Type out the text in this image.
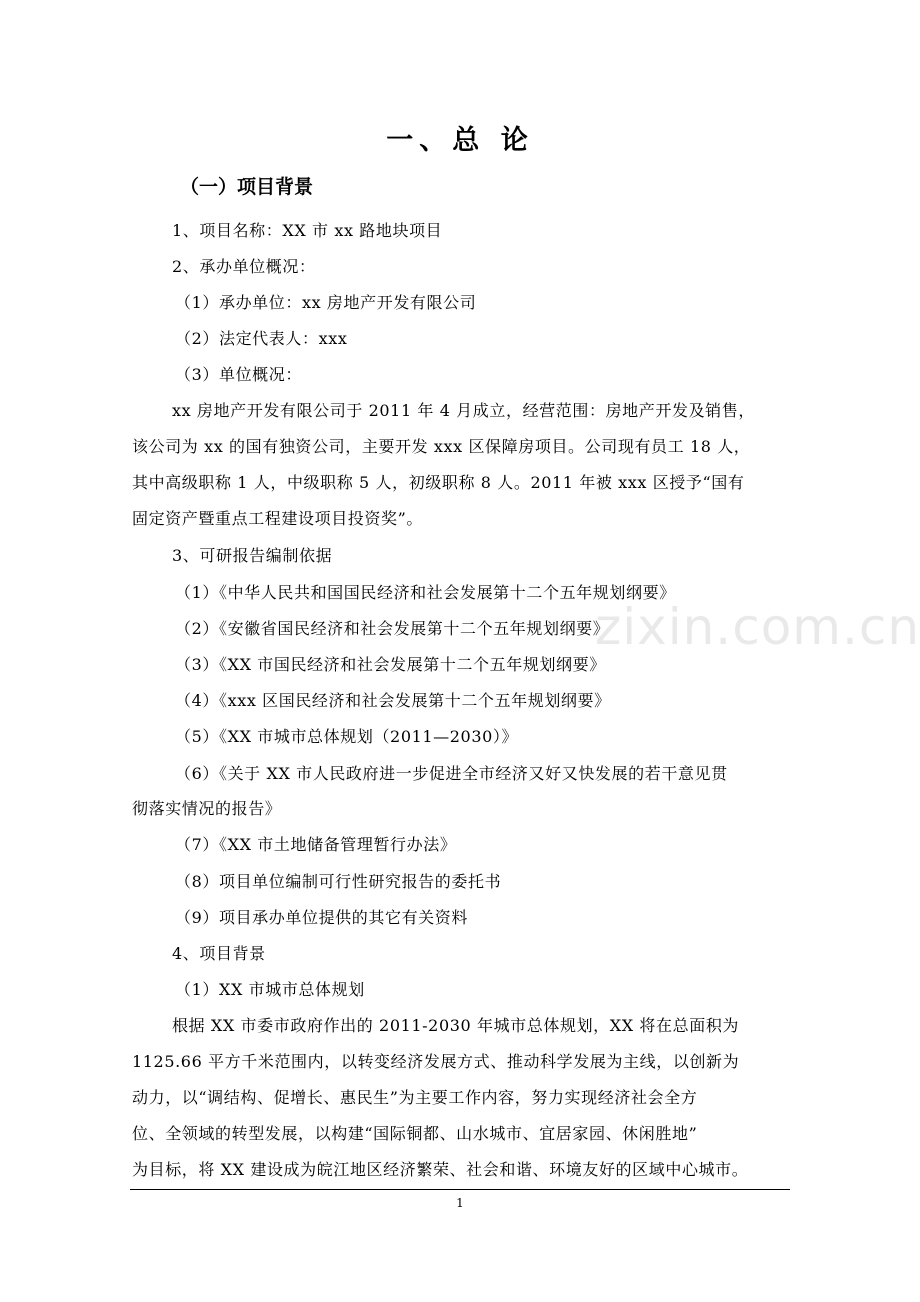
一、总 论
（一）项目背景
1、项目名称：XX 市 xx 路地块项目
2、承办单位概况：
（1）承办单位：xx 房地产开发有限公司
（2）法定代表人：xxx
（3）单位概况：
xx 房地产开发有限公司于 2011 年 4 月成立，经营范围：房地产开发及销售，
该公司为 xx 的国有独资公司，主要开发 xxx 区保障房项目。公司现有员工 18 人，
其中高级职称 1 人，中级职称 5 人，初级职称 8 人。2011 年被 xxx 区授予“国有
固定资产暨重点工程建设项目投资奖”。
3、可研报告编制依据
（1）《中华人民共和国国民经济和社会发展第十二个五年规划纲要》
（2）《安徽省国民经济和社会发展第十二个五年规划纲要》
（3）《XX 市国民经济和社会发展第十二个五年规划纲要》
（4）《xxx 区国民经济和社会发展第十二个五年规划纲要》
（5）《XX 市城市总体规划（2011—2030）》
（6）《关于 XX 市人民政府进一步促进全市经济又好又快发展的若干意见贯
彻落实情况的报告》
（7）《XX 市土地储备管理暂行办法》
（8）项目单位编制可行性研究报告的委托书
（9）项目承办单位提供的其它有关资料
4、项目背景
（1）XX 市城市总体规划
根据 XX 市委市政府作出的 2011-2030 年城市总体规划，XX 将在总面积为
1125.66 平方千米范围内，以转变经济发展方式、推动科学发展为主线，以创新为
动力，以“调结构、促增长、惠民生”为主要工作内容，努力实现经济社会全方
位、全领域的转型发展，以构建“国际铜都、山水城市、宜居家园、休闲胜地”
为目标，将 XX 建设成为皖江地区经济繁荣、社会和谐、环境友好的区域中心城市。
zixin.com.cn
1
